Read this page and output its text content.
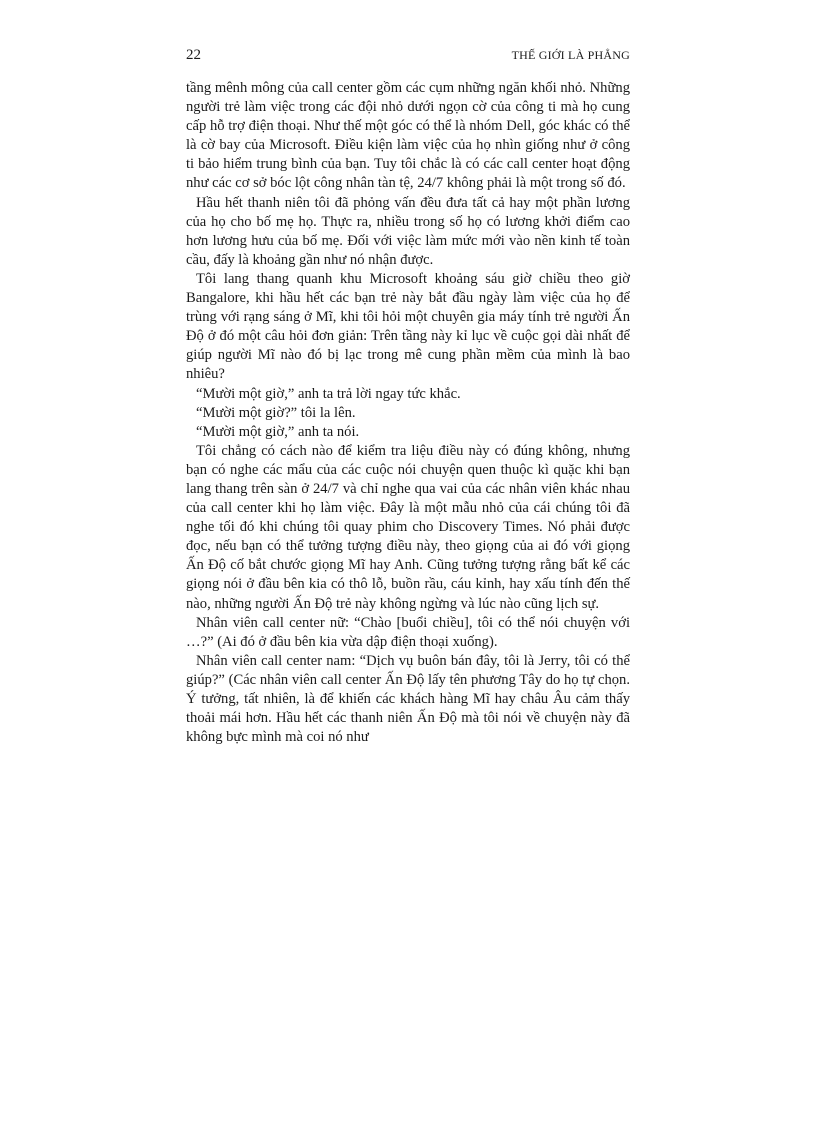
22	THẾ GIỚI LÀ PHẲNG

tầng mênh mông của call center gồm các cụm những ngăn khối nhỏ. Những người trẻ làm việc trong các đội nhỏ dưới ngọn cờ của công ti mà họ cung cấp hỗ trợ điện thoại. Như thế một góc có thể là nhóm Dell, góc khác có thể là cờ bay của Microsoft. Điều kiện làm việc của họ nhìn giống như ở công ti bảo hiểm trung bình của bạn. Tuy tôi chắc là có các call center hoạt động như các cơ sở bóc lột công nhân tàn tệ, 24/7 không phải là một trong số đó.

Hầu hết thanh niên tôi đã phỏng vấn đều đưa tất cả hay một phần lương của họ cho bố mẹ họ. Thực ra, nhiều trong số họ có lương khởi điểm cao hơn lương hưu của bố mẹ. Đối với việc làm mức mới vào nền kinh tế toàn cầu, đấy là khoảng gần như nó nhận được.

Tôi lang thang quanh khu Microsoft khoảng sáu giờ chiều theo giờ Bangalore, khi hầu hết các bạn trẻ này bắt đầu ngày làm việc của họ để trùng với rạng sáng ở Mĩ, khi tôi hỏi một chuyên gia máy tính trẻ người Ấn Độ ở đó một câu hỏi đơn giản: Trên tầng này kỉ lục về cuộc gọi dài nhất để giúp người Mĩ nào đó bị lạc trong mê cung phần mềm của mình là bao nhiêu?

“Mười một giờ,” anh ta trả lời ngay tức khắc.

“Mười một giờ?” tôi la lên.

“Mười một giờ,” anh ta nói.

Tôi chẳng có cách nào để kiểm tra liệu điều này có đúng không, nhưng bạn có nghe các mẩu của các cuộc nói chuyện quen thuộc kì quặc khi bạn lang thang trên sàn ở 24/7 và chỉ nghe qua vai của các nhân viên khác nhau của call center khi họ làm việc. Đây là một mẫu nhỏ của cái chúng tôi đã nghe tối đó khi chúng tôi quay phim cho Discovery Times. Nó phải được đọc, nếu bạn có thể tưởng tượng điều này, theo giọng của ai đó với giọng Ấn Độ cố bắt chước giọng Mĩ hay Anh. Cũng tưởng tượng rằng bất kể các giọng nói ở đầu bên kia có thô lỗ, buồn rầu, cáu kỉnh, hay xấu tính đến thế nào, những người Ấn Độ trẻ này không ngừng và lúc nào cũng lịch sự.

Nhân viên call center nữ: “Chào [buổi chiều], tôi có thể nói chuyện với …?” (Ai đó ở đầu bên kia vừa dập điện thoại xuống).

Nhân viên call center nam: “Dịch vụ buôn bán đây, tôi là Jerry, tôi có thể giúp?” (Các nhân viên call center Ấn Độ lấy tên phương Tây do họ tự chọn. Ý tưởng, tất nhiên, là để khiến các khách hàng Mĩ hay châu Âu cảm thấy thoải mái hơn. Hầu hết các thanh niên Ấn Độ mà tôi nói về chuyện này đã không bực mình mà coi nó như
